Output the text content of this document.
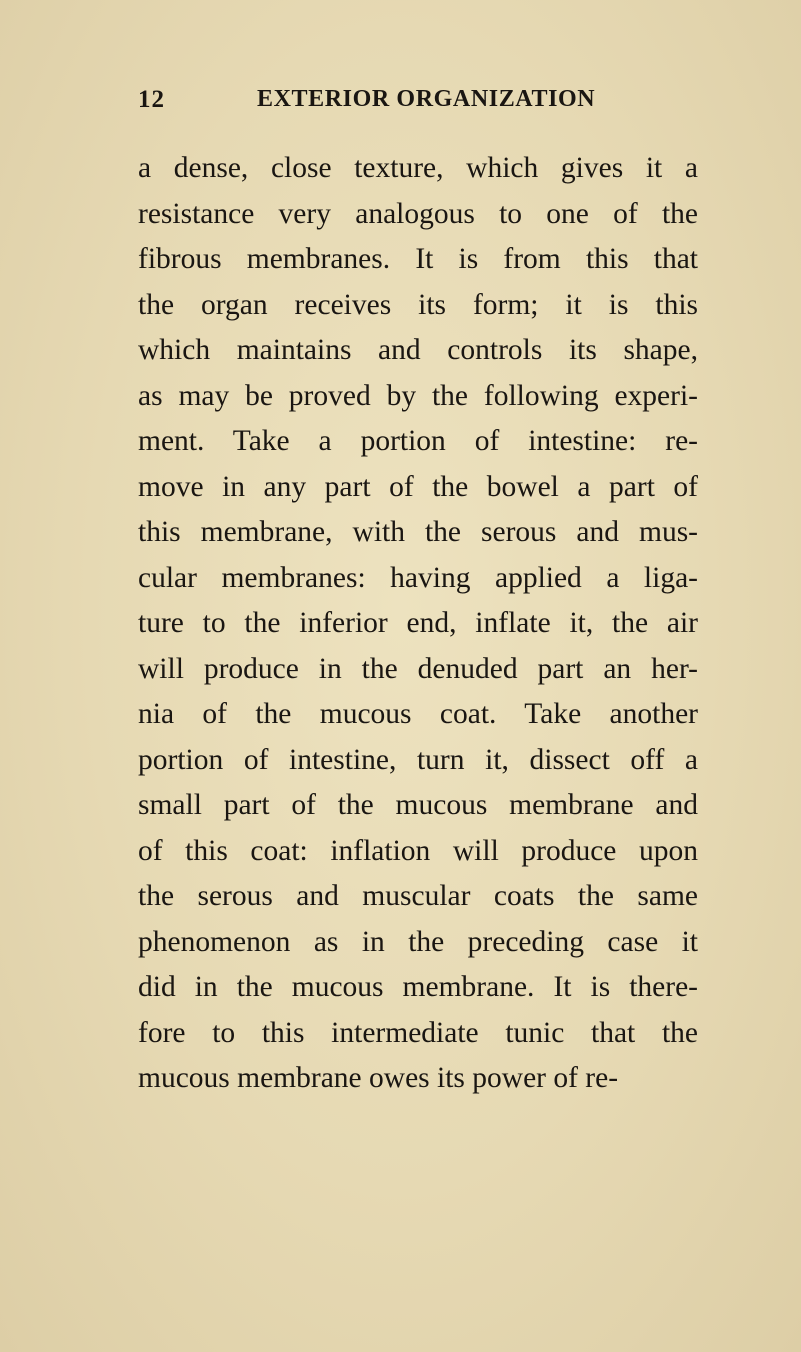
12	EXTERIOR ORGANIZATION
a dense, close texture, which gives it a
resistance very analogous to one of the
fibrous membranes. It is from this that
the organ receives its form; it is this
which maintains and controls its shape,
as may be proved by the following experi-
ment. Take a portion of intestine: re-
move in any part of the bowel a part of
this membrane, with the serous and mus-
cular membranes: having applied a liga-
ture to the inferior end, inflate it, the air
will produce in the denuded part an her-
nia of the mucous coat. Take another
portion of intestine, turn it, dissect off a
small part of the mucous membrane and
of this coat: inflation will produce upon
the serous and muscular coats the same
phenomenon as in the preceding case it
did in the mucous membrane. It is there-
fore to this intermediate tunic that the
mucous membrane owes its power of re-
